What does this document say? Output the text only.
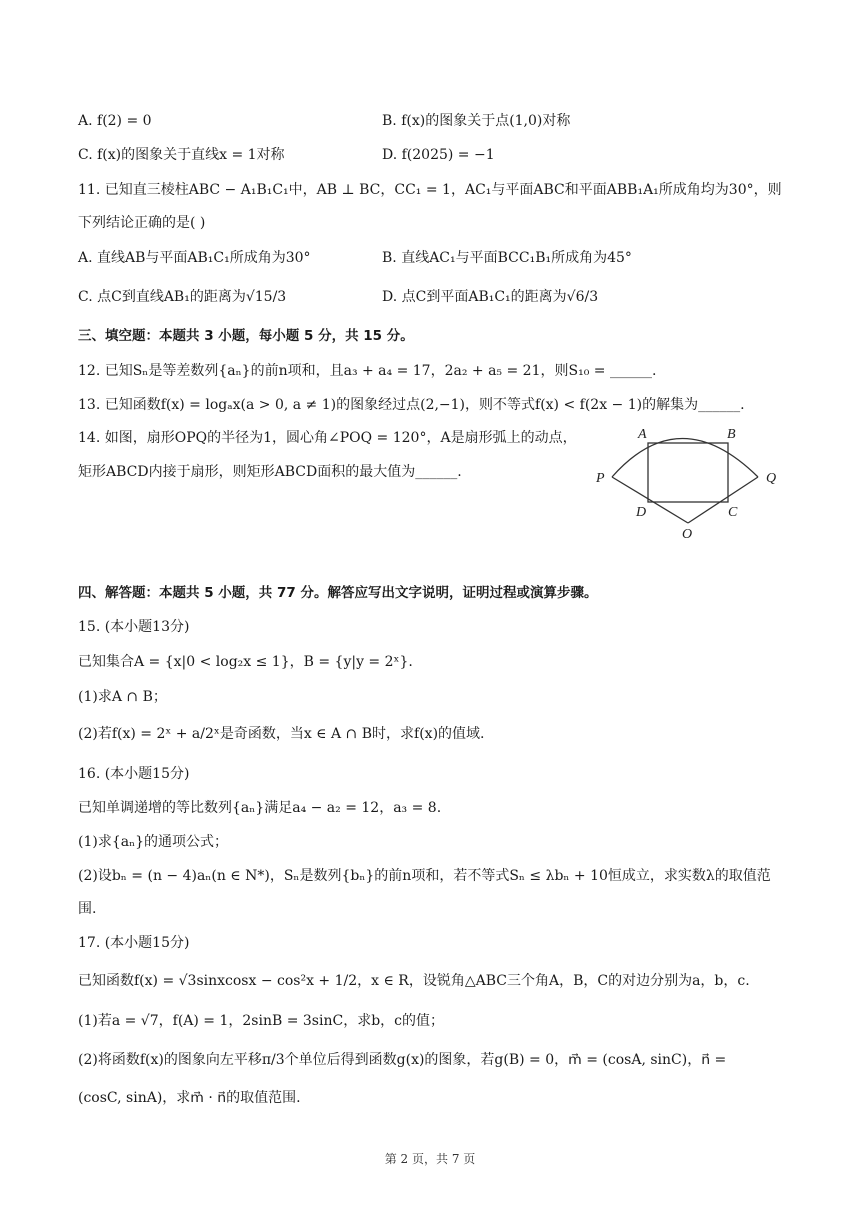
A. f(2) = 0	B. f(x)的图象关于点(1,0)对称
C. f(x)的图象关于直线x = 1对称	D. f(2025) = −1
11. 已知直三棱柱ABC − A₁B₁C₁中，AB ⊥ BC，CC₁ = 1，AC₁与平面ABC和平面ABB₁A₁所成角均为30°，则
下列结论正确的是( )
A. 直线AB与平面AB₁C₁所成角为30°	B. 直线AC₁与平面BCC₁B₁所成角为45°
C. 点C到直线AB₁的距离为√15/3	D. 点C到平面AB₁C₁的距离为√6/3
三、填空题：本题共 3 小题，每小题 5 分，共 15 分。
12. 已知Sₙ是等差数列{aₙ}的前n项和，且a₃ + a₄ = 17，2a₂ + a₅ = 21，则S₁₀ = ______.
13. 已知函数f(x) = logₐx(a > 0, a ≠ 1)的图象经过点(2,−1)，则不等式f(x) < f(2x − 1)的解集为______.
14. 如图，扇形OPQ的半径为1，圆心角∠POQ = 120°，A是扇形弧上的动点，
矩形ABCD内接于扇形，则矩形ABCD面积的最大值为______.
A	B
P	Q
D	C
O
四、解答题：本题共 5 小题，共 77 分。解答应写出文字说明，证明过程或演算步骤。
15. (本小题13分)
已知集合A = {x|0 < log₂x ≤ 1}，B = {y|y = 2ˣ}.
(1)求A ∩ B；
(2)若f(x) = 2ˣ + a/2ˣ是奇函数，当x ∈ A ∩ B时，求f(x)的值域.
16. (本小题15分)
已知单调递增的等比数列{aₙ}满足a₄ − a₂ = 12，a₃ = 8.
(1)求{aₙ}的通项公式；
(2)设bₙ = (n − 4)aₙ(n ∈ N*)，Sₙ是数列{bₙ}的前n项和，若不等式Sₙ ≤ λbₙ + 10恒成立，求实数λ的取值范
围.
17. (本小题15分)
已知函数f(x) = √3sinxcosx − cos²x + 1/2，x ∈ R，设锐角△ABC三个角A，B，C的对边分别为a，b，c.
(1)若a = √7，f(A) = 1，2sinB = 3sinC，求b，c的值；
(2)将函数f(x)的图象向左平移π/3个单位后得到函数g(x)的图象，若g(B) = 0，m⃗ = (cosA, sinC)，n⃗ =
(cosC, sinA)，求m⃗ · n⃗的取值范围.
第 2 页，共 7 页
